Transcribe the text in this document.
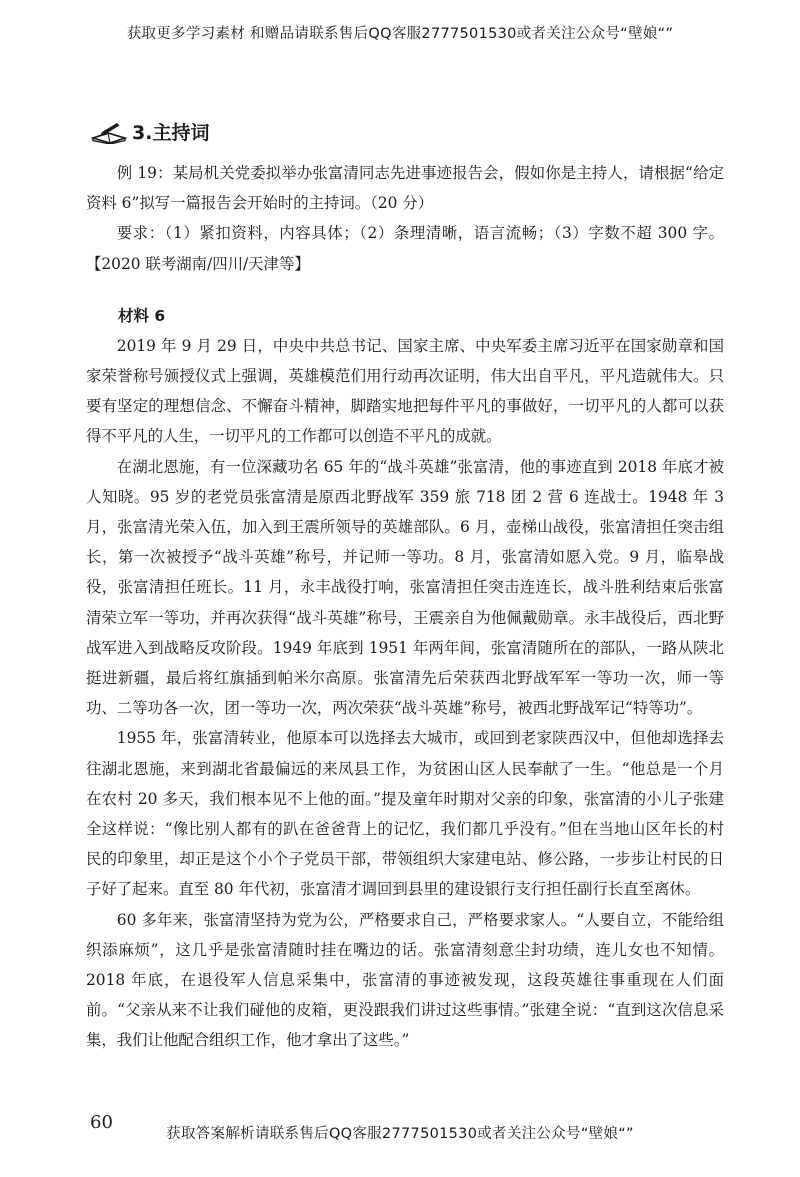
获取更多学习素材 和赠品请联系售后QQ客服2777501530或者关注公众号“壁娘“”
3.主持词

例 19：某局机关党委拟举办张富清同志先进事迹报告会，假如你是主持人，请根据“给定资料 6”拟写一篇报告会开始时的主持词。（20 分）

要求：（1）紧扣资料，内容具体；（2）条理清晰，语言流畅；（3）字数不超 300 字。【2020 联考湖南/四川/天津等】

材料 6

2019 年 9 月 29 日，中央中共总书记、国家主席、中央军委主席习近平在国家勋章和国家荣誉称号颁授仪式上强调，英雄模范们用行动再次证明，伟大出自平凡，平凡造就伟大。只要有坚定的理想信念、不懈奋斗精神，脚踏实地把每件平凡的事做好，一切平凡的人都可以获得不平凡的人生，一切平凡的工作都可以创造不平凡的成就。

在湖北恩施，有一位深藏功名 65 年的“战斗英雄”张富清，他的事迹直到 2018 年底才被人知晓。95 岁的老党员张富清是原西北野战军 359 旅 718 团 2 营 6 连战士。1948 年 3 月，张富清光荣入伍，加入到王震所领导的英雄部队。6 月，壶梯山战役，张富清担任突击组长，第一次被授予“战斗英雄”称号，并记师一等功。8 月，张富清如愿入党。9 月，临皋战役，张富清担任班长。11 月，永丰战役打响，张富清担任突击连连长，战斗胜利结束后张富清荣立军一等功，并再次获得“战斗英雄”称号，王震亲自为他佩戴勋章。永丰战役后，西北野战军进入到战略反攻阶段。1949 年底到 1951 年两年间，张富清随所在的部队，一路从陕北挺进新疆，最后将红旗插到帕米尔高原。张富清先后荣获西北野战军军一等功一次，师一等功、二等功各一次，团一等功一次，两次荣获“战斗英雄”称号，被西北野战军记“特等功”。

1955 年，张富清转业，他原本可以选择去大城市，或回到老家陕西汉中，但他却选择去往湖北恩施，来到湖北省最偏远的来凤县工作，为贫困山区人民奉献了一生。“他总是一个月在农村 20 多天，我们根本见不上他的面。”提及童年时期对父亲的印象，张富清的小儿子张建全这样说：“像比别人都有的趴在爸爸背上的记忆，我们都几乎没有。”但在当地山区年长的村民的印象里，却正是这个小个子党员干部，带领组织大家建电站、修公路，一步步让村民的日子好了起来。直至 80 年代初，张富清才调回到县里的建设银行支行担任副行长直至离休。

60 多年来，张富清坚持为党为公，严格要求自己，严格要求家人。“人要自立，不能给组织添麻烦”，这几乎是张富清随时挂在嘴边的话。张富清刻意尘封功绩，连儿女也不知情。2018 年底，在退役军人信息采集中，张富清的事迹被发现，这段英雄往事重现在人们面前。“父亲从来不让我们碰他的皮箱，更没跟我们讲过这些事情。”张建全说：“直到这次信息采集，我们让他配合组织工作，他才拿出了这些。”

60
获取答案解析请联系售后QQ客服2777501530或者关注公众号“壁娘“”
